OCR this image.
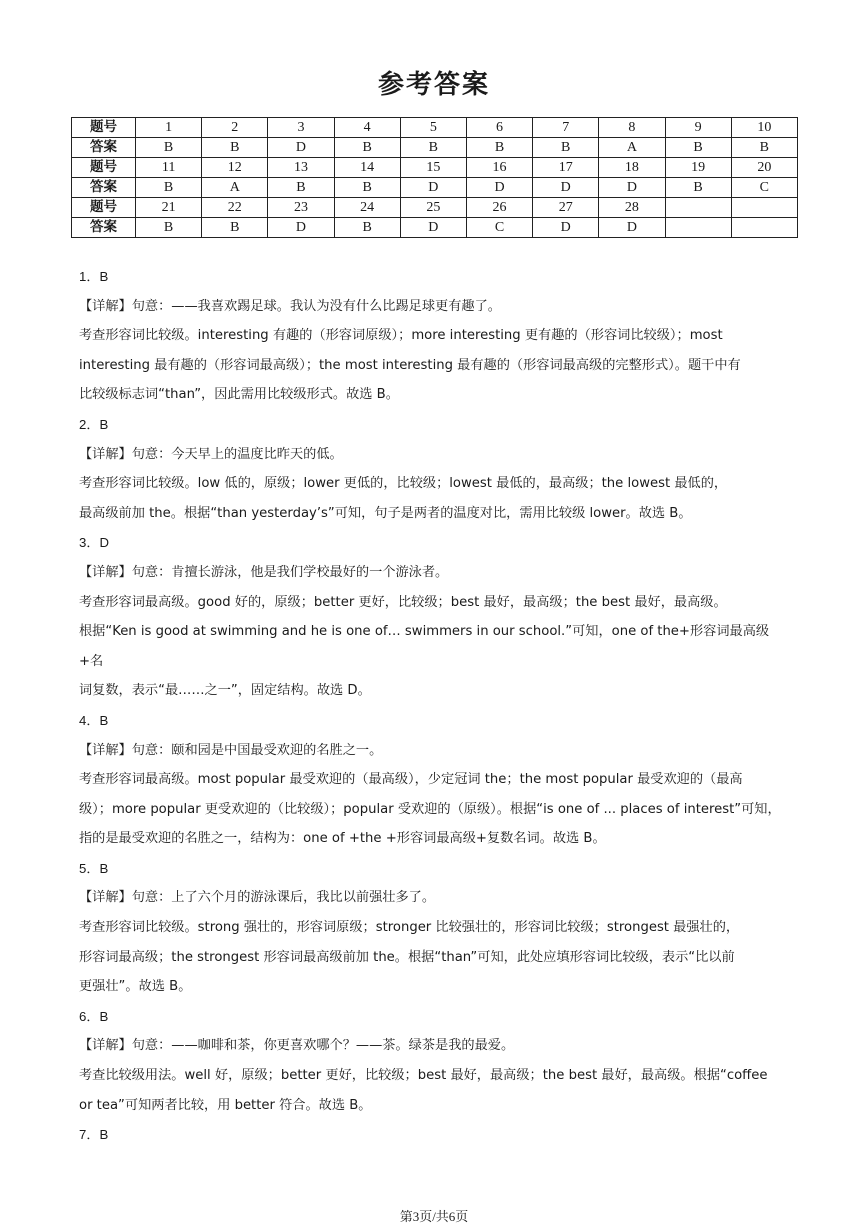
参考答案
题号	1	2	3	4	5	6	7	8	9	10
答案	B	B	D	B	B	B	B	A	B	B
题号	11	12	13	14	15	16	17	18	19	20
答案	B	A	B	B	D	D	D	D	B	C
题号	21	22	23	24	25	26	27	28		
答案	B	B	D	B	D	C	D	D		

1．B

【详解】句意：——我喜欢踢足球。我认为没有什么比踢足球更有趣了。

考查形容词比较级。interesting 有趣的（形容词原级）；more interesting 更有趣的（形容词比较级）；most

interesting 最有趣的（形容词最高级）；the most interesting 最有趣的（形容词最高级的完整形式）。题干中有

比较级标志词“than”，因此需用比较级形式。故选 B。

2．B

【详解】句意：今天早上的温度比昨天的低。

考查形容词比较级。low 低的，原级；lower 更低的，比较级；lowest 最低的，最高级；the lowest 最低的，

最高级前加 the。根据“than yesterday’s”可知，句子是两者的温度对比，需用比较级 lower。故选 B。

3．D

【详解】句意：肯擅长游泳，他是我们学校最好的一个游泳者。

考查形容词最高级。good 好的，原级；better 更好，比较级；best 最好，最高级；the best 最好，最高级。

根据“Ken is good at swimming and he is one of… swimmers in our school.”可知，one of the+形容词最高级+名

词复数，表示“最……之一”，固定结构。故选 D。

4．B

【详解】句意：颐和园是中国最受欢迎的名胜之一。

考查形容词最高级。most popular 最受欢迎的（最高级），少定冠词 the；the most popular 最受欢迎的（最高

级）；more popular 更受欢迎的（比较级）；popular 受欢迎的（原级）。根据“is one of ... places of interest”可知，

指的是最受欢迎的名胜之一，结构为：one of +the +形容词最高级+复数名词。故选 B。

5．B

【详解】句意：上了六个月的游泳课后，我比以前强壮多了。

考查形容词比较级。strong 强壮的，形容词原级；stronger 比较强壮的，形容词比较级；strongest 最强壮的，

形容词最高级；the strongest 形容词最高级前加 the。根据“than”可知，此处应填形容词比较级，表示“比以前

更强壮”。故选 B。

6．B

【详解】句意：——咖啡和茶，你更喜欢哪个？——茶。绿茶是我的最爱。

考查比较级用法。well 好，原级；better 更好，比较级；best 最好，最高级；the best 最好，最高级。根据“coffee

or tea”可知两者比较，用 better 符合。故选 B。

7．B

第3页/共6页
